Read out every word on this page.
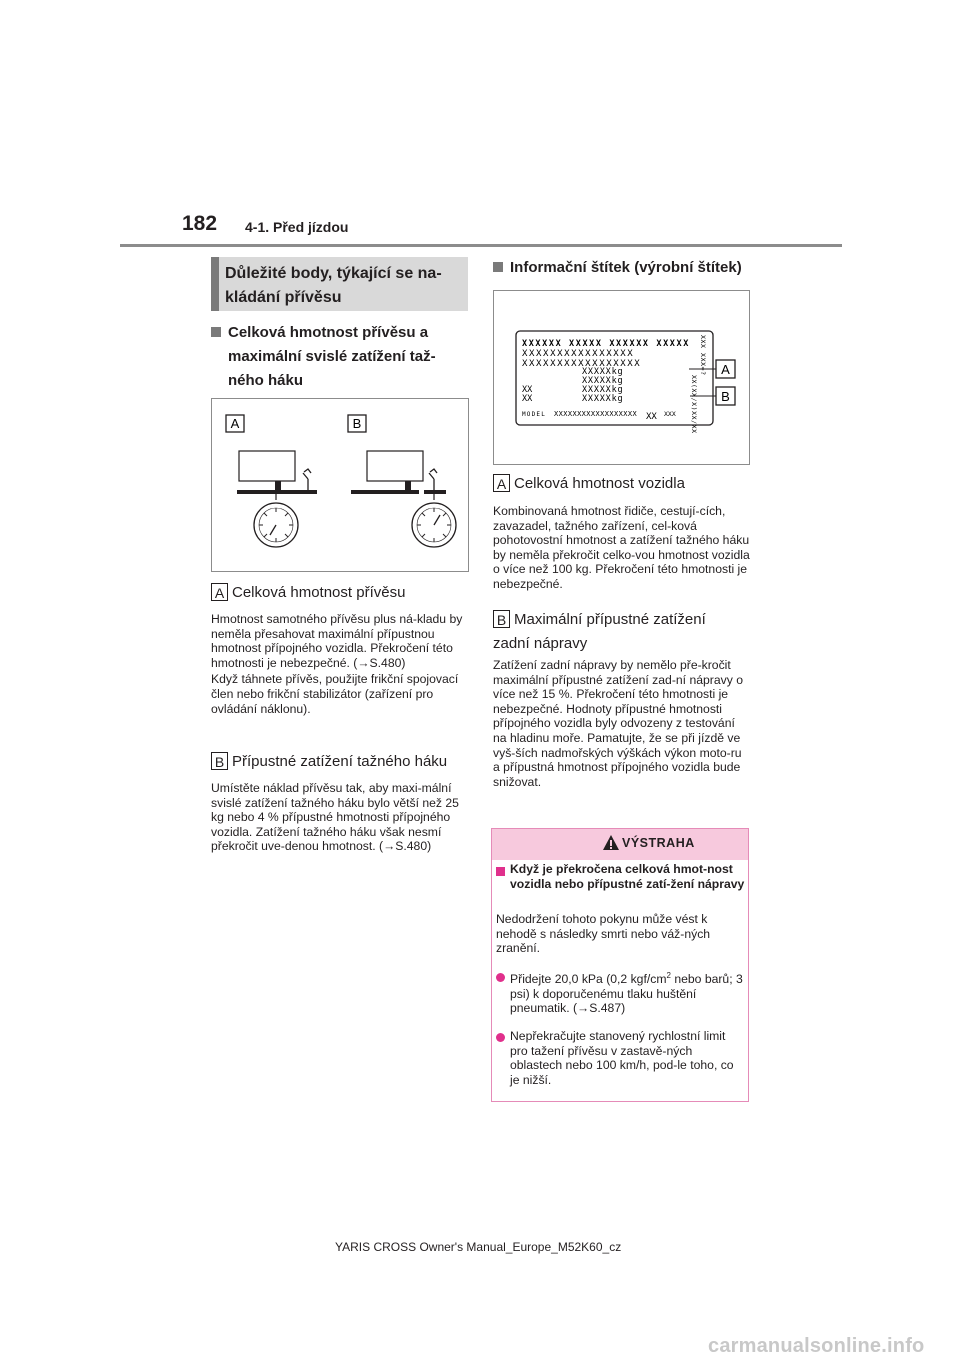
182 4-1. Před jízdou
Důležité body, týkající se na-kládání přívěsu
Celková hmotnost přívěsu a maximální svislé zatížení taž-ného háku
A	B
A Celková hmotnost přívěsu

Hmotnost samotného přívěsu plus ná-kladu by neměla přesahovat maximální přípustnou hmotnost přípojného vozidla. Překročení této hmotnosti je nebezpečné. (→S.480)

Když táhnete přívěs, použijte frikční spojovací člen nebo frikční stabilizátor (zařízení pro ovládání náklonu).

B Přípustné zatížení tažného háku

Umístěte náklad přívěsu tak, aby maxi-mální svislé zatížení tažného háku bylo větší než 25 kg nebo 4 % přípustné hmotnosti přípojného vozidla. Zatížení tažného háku však nesmí překročit uve-denou hmotnost. (→S.480)

Informační štítek (výrobní štítek)
XXXXXX XXXXX XXXXXX XXXXX
XXXXXXXXXXXXXXXX
XXXXXXXXXXXXXXXXX
XXXXXkg
XXXXXkg
XXXXXkg
XXXXXkg
XX
XX
MODEL XXXXXXXXXXXXXXXXXX XX XXX
XXX XXX=?
XX(XX/X)XX/XX
A
B
A Celková hmotnost vozidla

Kombinovaná hmotnost řidiče, cestují-cích, zavazadel, tažného zařízení, cel-ková pohotovostní hmotnost a zatížení tažného háku by neměla překročit celko-vou hmotnost vozidla o více než 100 kg. Překročení této hmotnosti je nebezpečné.

B Maximální přípustné zatížení zadní nápravy

Zatížení zadní nápravy by nemělo pře-kročit maximální přípustné zatížení zad-ní nápravy o více než 15 %. Překročení této hmotnosti je nebezpečné. Hodnoty přípustné hmotnosti přípojného vozidla byly odvozeny z testování na hladinu moře. Pamatujte, že se při jízdě ve vyš-ších nadmořských výškách výkon moto-ru a přípustná hmotnost přípojného vozidla bude snižovat.

VÝSTRAHA
Když je překročena celková hmot-nost vozidla nebo přípustné zatí-žení nápravy
Nedodržení tohoto pokynu může vést k nehodě s následky smrti nebo váž-ných zranění.
Přidejte 20,0 kPa (0,2 kgf/$cm^2$ nebo barů; 3 psi) k doporučenému tlaku huštění pneumatik. (→S.487)
Nepřekračujte stanovený rychlostní limit pro tažení přívěsu v zastavě-ných oblastech nebo 100 km/h, pod-le toho, co je nižší.
YARIS CROSS Owner's Manual_Europe_M52K60_cz
carmanualsonline.info
